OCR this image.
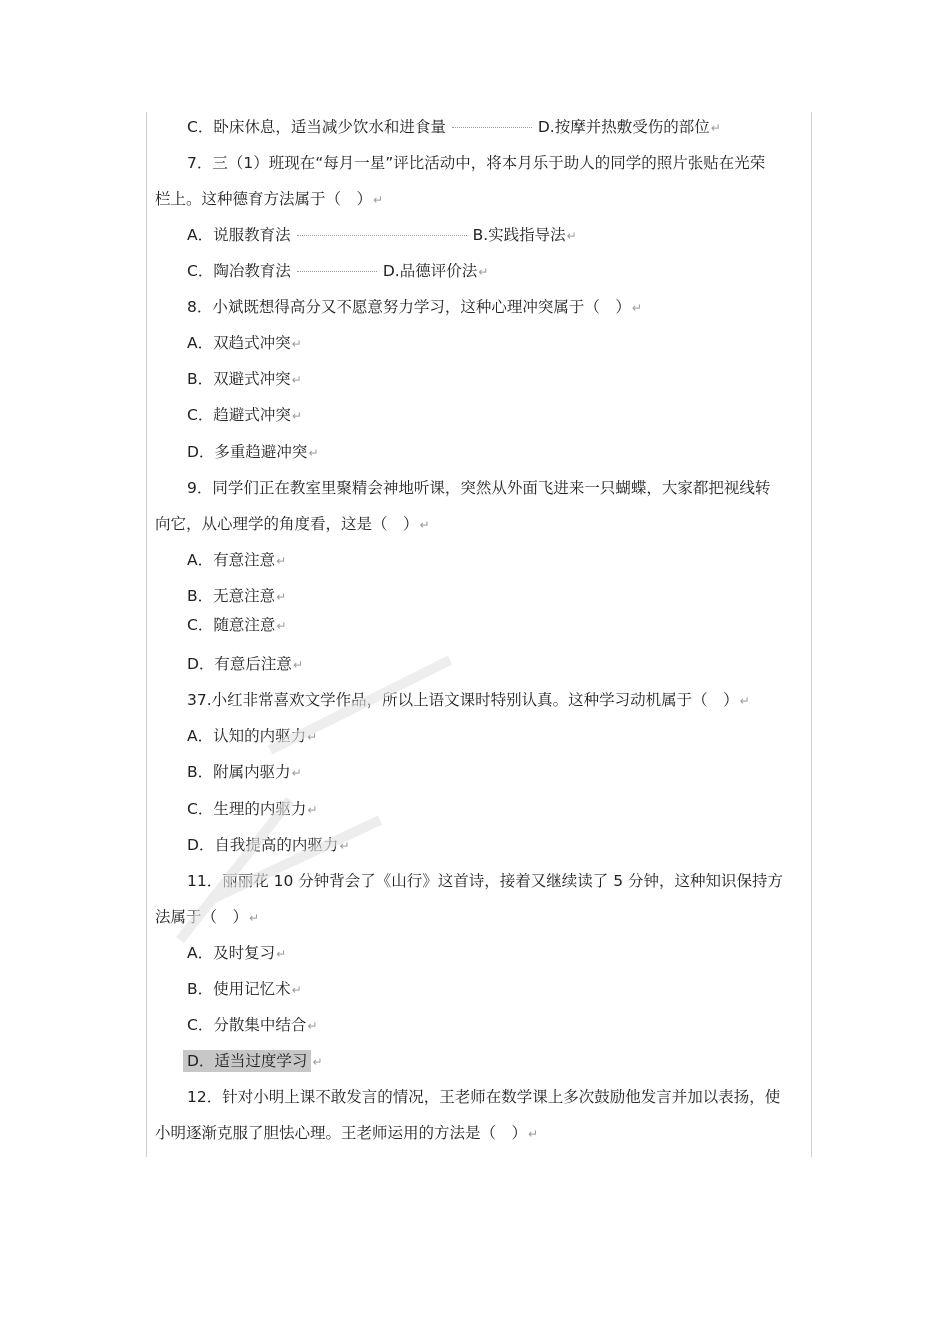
C．卧床休息，适当减少饮水和进食量	D.按摩并热敷受伤的部位↵
7．三（1）班现在“每月一星”评比活动中，将本月乐于助人的同学的照片张贴在光荣
栏上。这种德育方法属于（　）↵
A．说服教育法	B.实践指导法↵
C．陶冶教育法	D.品德评价法↵
8．小斌既想得高分又不愿意努力学习，这种心理冲突属于（　）↵
A．双趋式冲突↵
B．双避式冲突↵
C．趋避式冲突↵
D．多重趋避冲突↵
9．同学们正在教室里聚精会神地听课，突然从外面飞进来一只蝴蝶，大家都把视线转
向它，从心理学的角度看，这是（　）↵
A．有意注意↵
B．无意注意↵
C．随意注意↵
D．有意后注意↵
37.小红非常喜欢文学作品，所以上语文课时特别认真。这种学习动机属于（　）↵
A．认知的内驱力↵
B．附属内驱力↵
C．生理的内驱力↵
D．自我提高的内驱力↵
11．丽丽花 10 分钟背会了《山行》这首诗，接着又继续读了 5 分钟，这种知识保持方
法属于（　）↵
A．及时复习↵
B．使用记忆术↵
C．分散集中结合↵
D．适当过度学习 ↵
12．针对小明上课不敢发言的情况，王老师在数学课上多次鼓励他发言并加以表扬，使
小明逐渐克服了胆怯心理。王老师运用的方法是（　）↵
